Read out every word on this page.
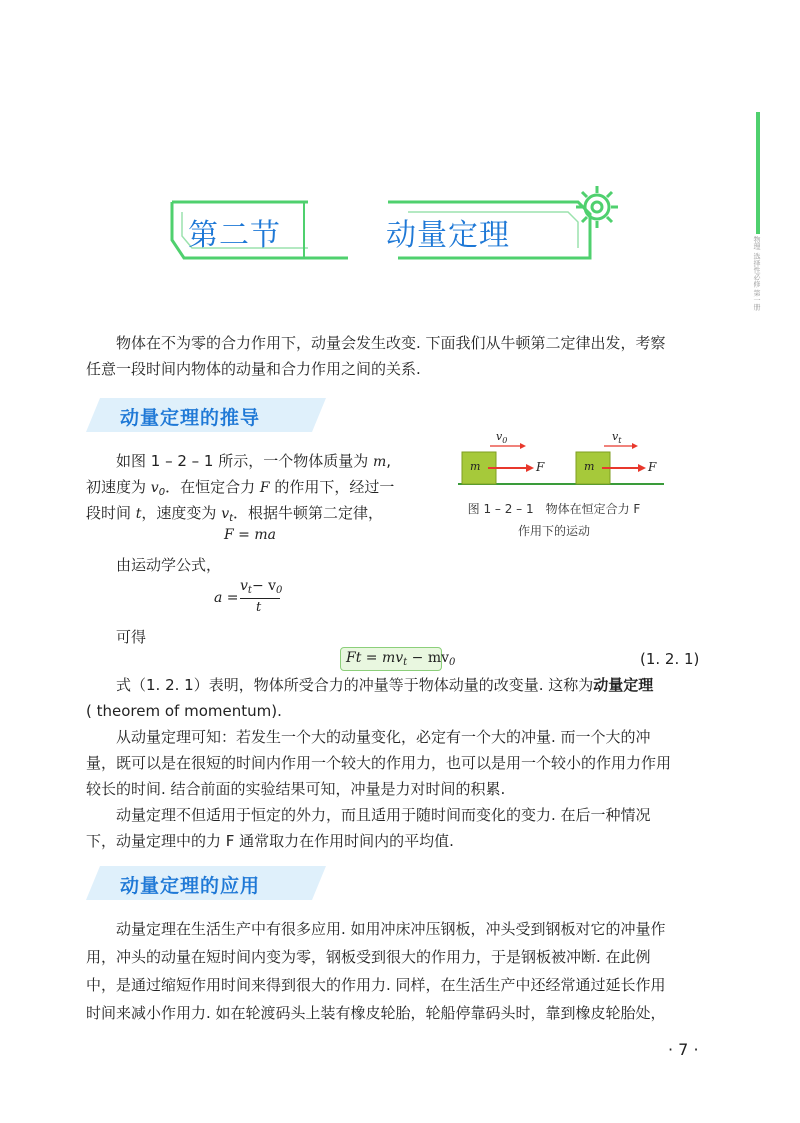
物理 选择性必修 第一册
第二节	动量定理
物体在不为零的合力作用下，动量会发生改变. 下面我们从牛顿第二定律出发，考察
任意一段时间内物体的动量和合力作用之间的关系.
动量定理的推导
如图 1 – 2 – 1 所示，一个物体质量为 m,
初速度为 $v_0$．在恒定合力 F 的作用下，经过一
段时间 t，速度变为 $v_t$．根据牛顿第二定律，
F = ma
由运动学公式，
a =
$v_t- v_0$
t
可得
$Ft = mv_t - mv_0$	(1. 2. 1)
式（1. 2. 1）表明，物体所受合力的冲量等于物体动量的改变量. 这称为动量定理
( theorem of momentum).
从动量定理可知：若发生一个大的动量变化，必定有一个大的冲量. 而一个大的冲
量，既可以是在很短的时间内作用一个较大的作用力，也可以是用一个较小的作用力作用
较长的时间. 结合前面的实验结果可知，冲量是力对时间的积累.
动量定理不但适用于恒定的外力，而且适用于随时间而变化的变力. 在后一种情况
下，动量定理中的力 F 通常取力在作用时间内的平均值.
$v_0$	$v_t$
m	m
F	F
图 1 – 2 – 1　物体在恒定合力 F
作用下的运动
动量定理的应用
动量定理在生活生产中有很多应用. 如用冲床冲压钢板，冲头受到钢板对它的冲量作
用，冲头的动量在短时间内变为零，钢板受到很大的作用力，于是钢板被冲断. 在此例
中，是通过缩短作用时间来得到很大的作用力. 同样，在生活生产中还经常通过延长作用
时间来减小作用力. 如在轮渡码头上装有橡皮轮胎，轮船停靠码头时，靠到橡皮轮胎处，
· 7 ·
